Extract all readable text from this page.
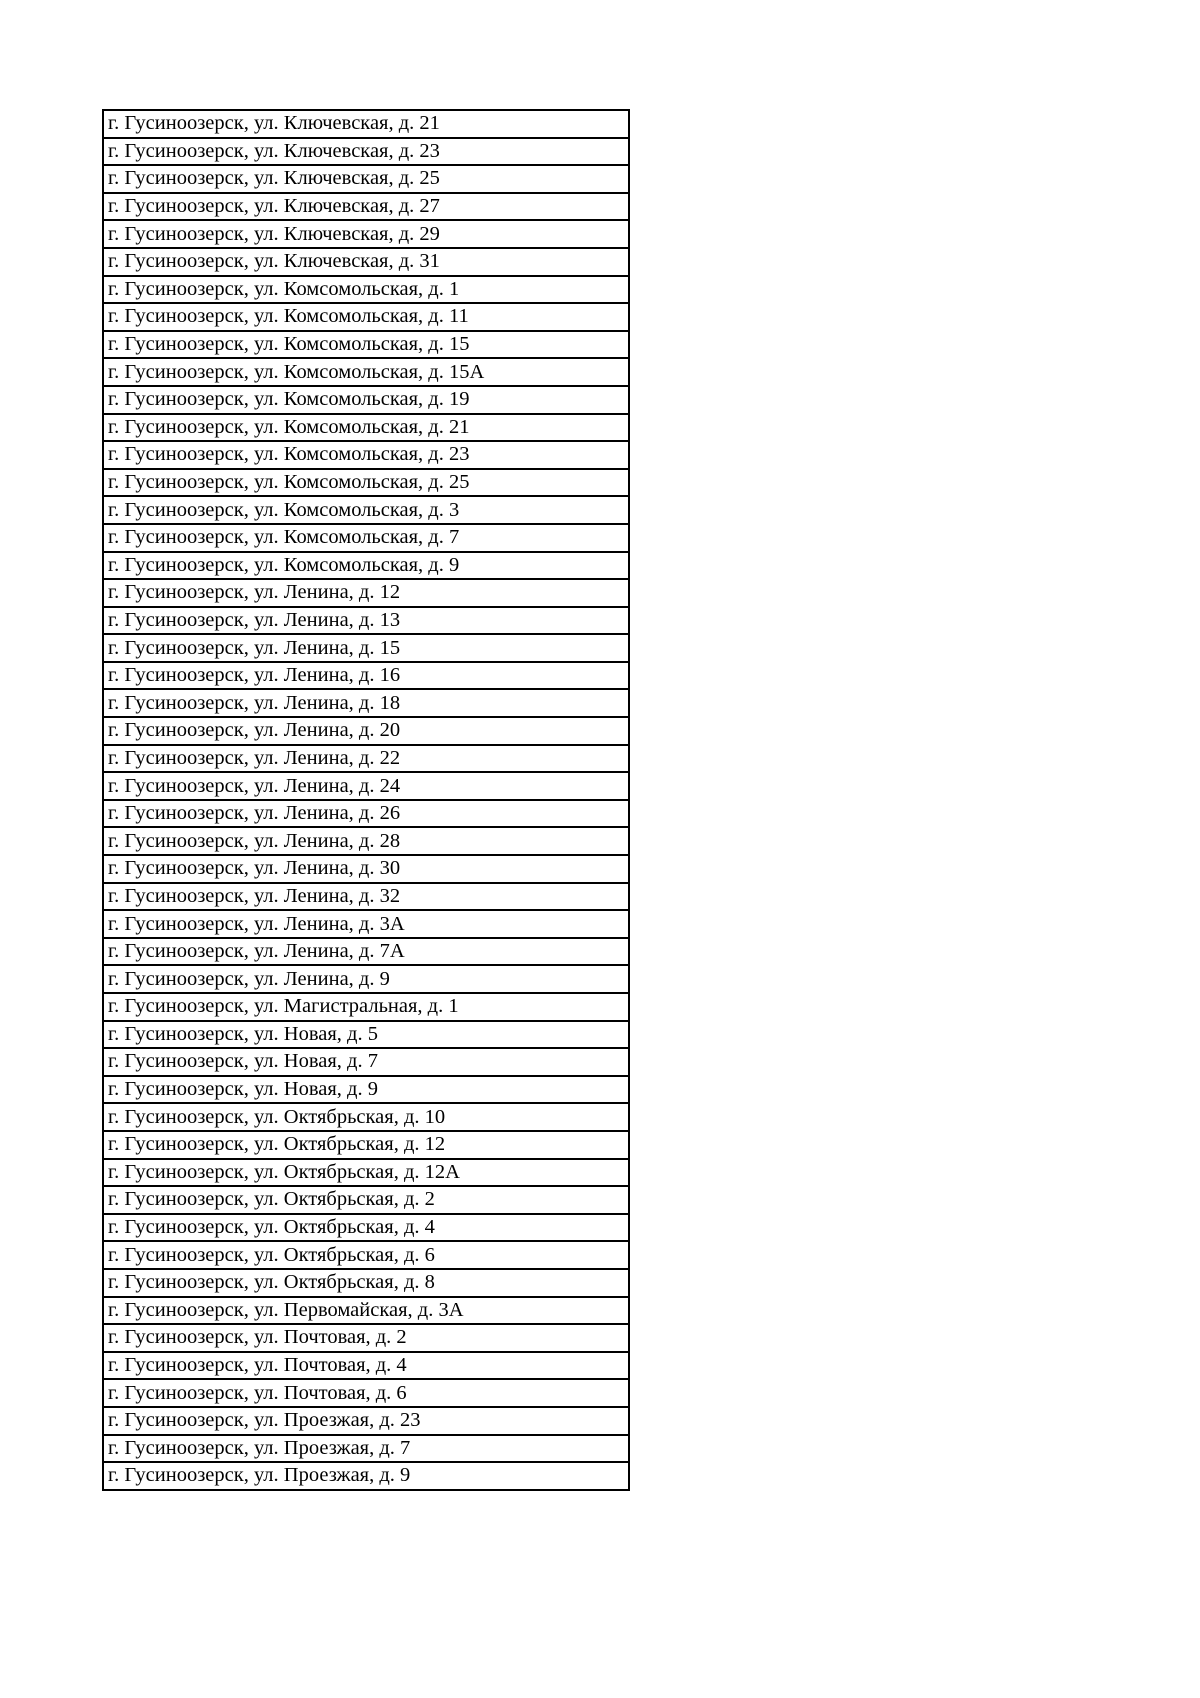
г. Гусиноозерск, ул. Ключевская, д. 21
г. Гусиноозерск, ул. Ключевская, д. 23
г. Гусиноозерск, ул. Ключевская, д. 25
г. Гусиноозерск, ул. Ключевская, д. 27
г. Гусиноозерск, ул. Ключевская, д. 29
г. Гусиноозерск, ул. Ключевская, д. 31
г. Гусиноозерск, ул. Комсомольская, д. 1
г. Гусиноозерск, ул. Комсомольская, д. 11
г. Гусиноозерск, ул. Комсомольская, д. 15
г. Гусиноозерск, ул. Комсомольская, д. 15А
г. Гусиноозерск, ул. Комсомольская, д. 19
г. Гусиноозерск, ул. Комсомольская, д. 21
г. Гусиноозерск, ул. Комсомольская, д. 23
г. Гусиноозерск, ул. Комсомольская, д. 25
г. Гусиноозерск, ул. Комсомольская, д. 3
г. Гусиноозерск, ул. Комсомольская, д. 7
г. Гусиноозерск, ул. Комсомольская, д. 9
г. Гусиноозерск, ул. Ленина, д. 12
г. Гусиноозерск, ул. Ленина, д. 13
г. Гусиноозерск, ул. Ленина, д. 15
г. Гусиноозерск, ул. Ленина, д. 16
г. Гусиноозерск, ул. Ленина, д. 18
г. Гусиноозерск, ул. Ленина, д. 20
г. Гусиноозерск, ул. Ленина, д. 22
г. Гусиноозерск, ул. Ленина, д. 24
г. Гусиноозерск, ул. Ленина, д. 26
г. Гусиноозерск, ул. Ленина, д. 28
г. Гусиноозерск, ул. Ленина, д. 30
г. Гусиноозерск, ул. Ленина, д. 32
г. Гусиноозерск, ул. Ленина, д. 3А
г. Гусиноозерск, ул. Ленина, д. 7А
г. Гусиноозерск, ул. Ленина, д. 9
г. Гусиноозерск, ул. Магистральная, д. 1
г. Гусиноозерск, ул. Новая, д. 5
г. Гусиноозерск, ул. Новая, д. 7
г. Гусиноозерск, ул. Новая, д. 9
г. Гусиноозерск, ул. Октябрьская, д. 10
г. Гусиноозерск, ул. Октябрьская, д. 12
г. Гусиноозерск, ул. Октябрьская, д. 12А
г. Гусиноозерск, ул. Октябрьская, д. 2
г. Гусиноозерск, ул. Октябрьская, д. 4
г. Гусиноозерск, ул. Октябрьская, д. 6
г. Гусиноозерск, ул. Октябрьская, д. 8
г. Гусиноозерск, ул. Первомайская, д. 3А
г. Гусиноозерск, ул. Почтовая, д. 2
г. Гусиноозерск, ул. Почтовая, д. 4
г. Гусиноозерск, ул. Почтовая, д. 6
г. Гусиноозерск, ул. Проезжая, д. 23
г. Гусиноозерск, ул. Проезжая, д. 7
г. Гусиноозерск, ул. Проезжая, д. 9
